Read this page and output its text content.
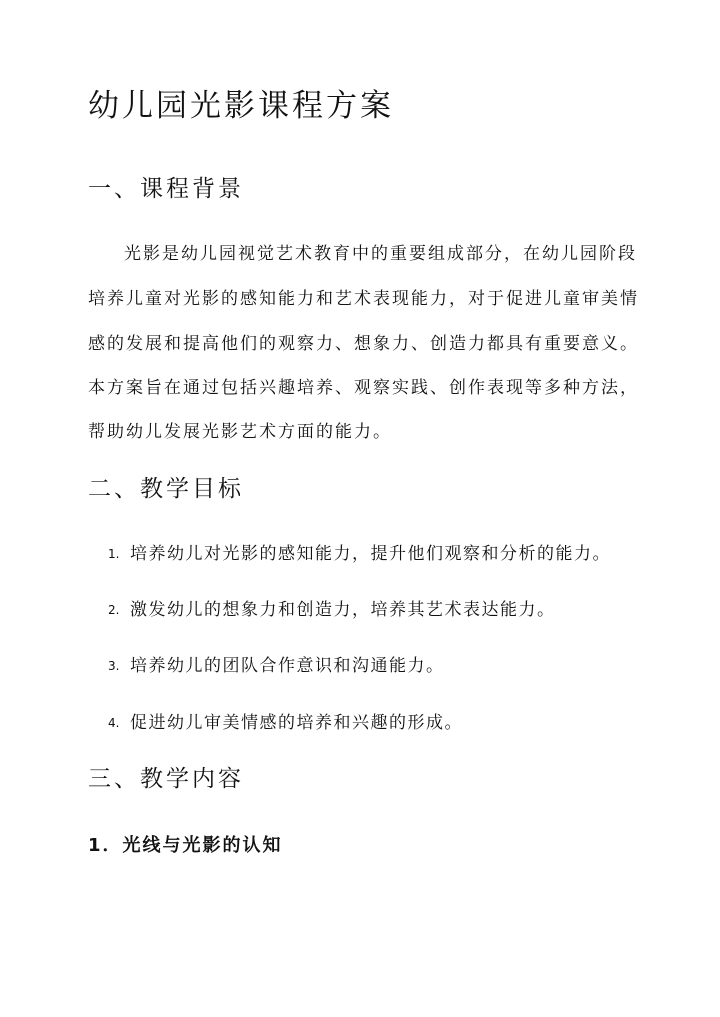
幼儿园光影课程方案
一、课程背景
光影是幼儿园视觉艺术教育中的重要组成部分，在幼儿园阶段
培养儿童对光影的感知能力和艺术表现能力，对于促进儿童审美情
感的发展和提高他们的观察力、想象力、创造力都具有重要意义。
本方案旨在通过包括兴趣培养、观察实践、创作表现等多种方法，
帮助幼儿发展光影艺术方面的能力。
二、教学目标
1. 培养幼儿对光影的感知能力，提升他们观察和分析的能力。
2. 激发幼儿的想象力和创造力，培养其艺术表达能力。
3. 培养幼儿的团队合作意识和沟通能力。
4. 促进幼儿审美情感的培养和兴趣的形成。
三、教学内容
1．光线与光影的认知
